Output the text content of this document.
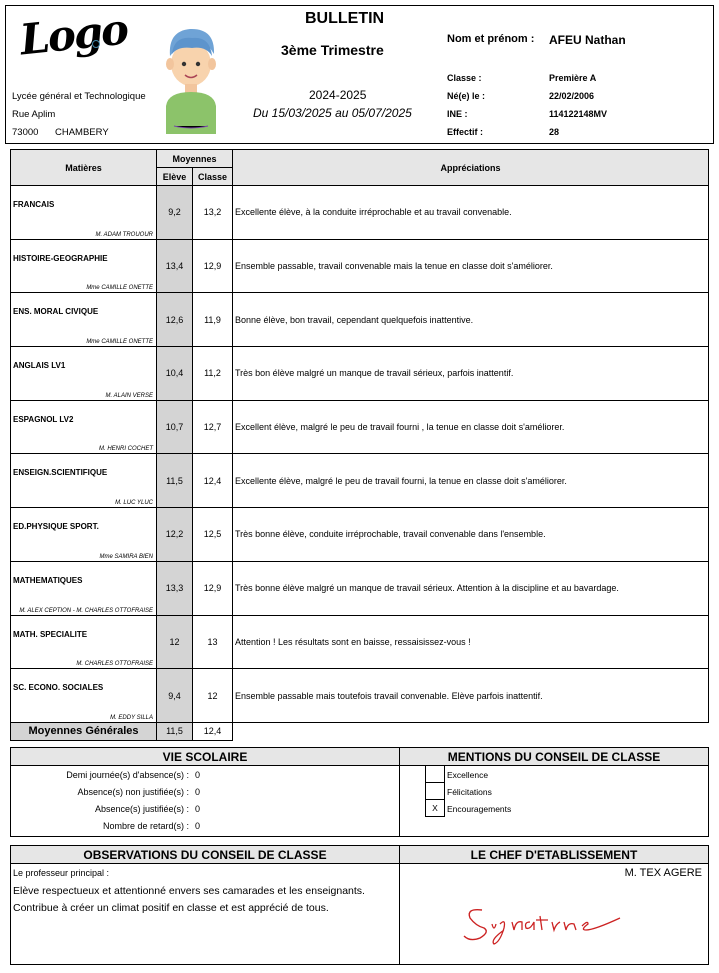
Logo	BULLETIN
3ème Trimestre
2024-2025
Du 15/03/2025 au 05/07/2025
Lycée général et Technologique
Rue Aplim
73000 CHAMBERY
Nom et prénom : AFEU Nathan
Classe :	Première A
Né(e) le :	22/02/2006
INE :	114122148MV
Effectif :	28
Matières	Moyennes		Appréciations
	Elève	Classe	

FRANCAIS
M. ADAM TROUOUR	9,2	13,2	Excellente élève, à la conduite irréprochable et au travail convenable.

HISTOIRE-GEOGRAPHIE
Mme CAMILLE ONETTE	13,4	12,9	Ensemble passable, travail convenable mais la tenue en classe doit s'améliorer.

ENS. MORAL CIVIQUE
Mme CAMILLE ONETTE	12,6	11,9	Bonne élève, bon travail, cependant quelquefois inattentive.

ANGLAIS LV1
M. ALAIN VERSE	10,4	11,2	Très bon élève malgré un manque de travail sérieux, parfois inattentif.

ESPAGNOL LV2
M. HENRI COCHET	10,7	12,7	Excellent élève, malgré le peu de travail fourni , la tenue en classe doit s'améliorer.

ENSEIGN.SCIENTIFIQUE
M. LUC YLUC	11,5	12,4	Excellente élève, malgré le peu de travail fourni, la tenue en classe doit s'améliorer.

ED.PHYSIQUE SPORT.
Mme SAMIRA BIEN	12,2	12,5	Très bonne élève, conduite irréprochable, travail convenable dans l'ensemble.

MATHEMATIQUES
M. ALEX CEPTION - M. CHARLES OTTOFRAISE	13,3	12,9	Très bonne élève malgré un manque de travail sérieux. Attention à la discipline et au bavardage.

MATH. SPECIALITE
M. CHARLES OTTOFRAISE	12	13	Attention ! Les résultats sont en baisse, ressaisissez-vous !

SC. ECONO. SOCIALES
M. EDDY SILLA	9,4	12	Ensemble passable mais toutefois travail convenable. Elève parfois inattentif.
Moyennes Générales	11,5	12,4	
VIE SCOLAIRE
Demi journée(s) d'absence(s) : 0
Absence(s) non justifiée(s) : 0
Absence(s) justifiée(s) : 0
Nombre de retard(s) : 0
MENTIONS DU CONSEIL DE CLASSE
Excellence
Félicitations
X	Encouragements
OBSERVATIONS DU CONSEIL DE CLASSE
Le professeur principal :
Elève respectueux et attentionné envers ses camarades et les enseignants.
Contribue à créer un climat positif en classe et est apprécié de tous.
LE CHEF D'ETABLISSEMENT
M. TEX AGERE
